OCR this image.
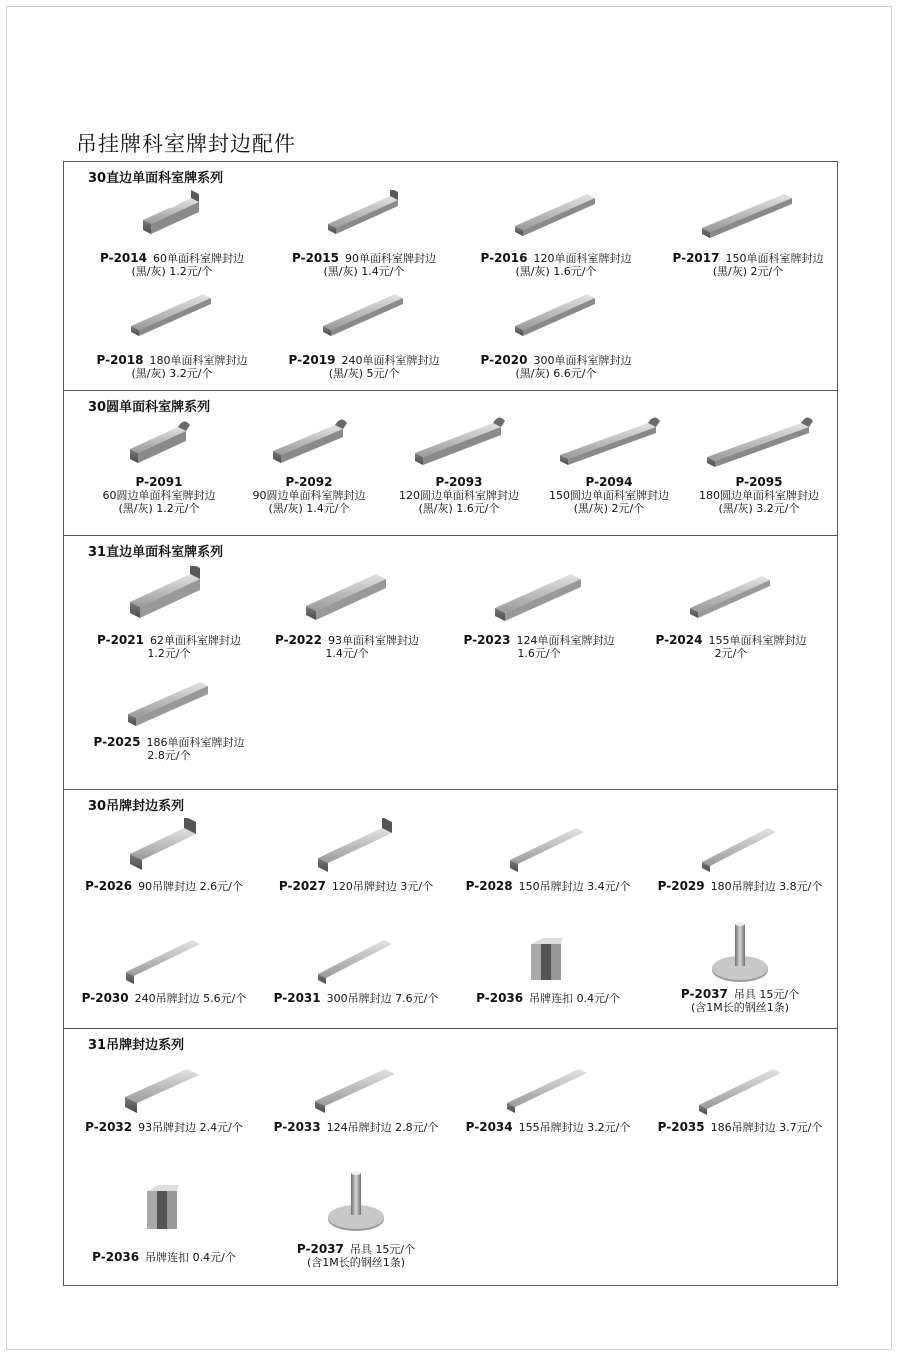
吊挂牌科室牌封边配件
30直边单面科室牌系列
P-2014 60单面科室牌封边
(黑/灰) 1.2元/个
P-2015 90单面科室牌封边
(黑/灰) 1.4元/个
P-2016 120单面科室牌封边
(黑/灰) 1.6元/个
P-2017 150单面科室牌封边
(黑/灰) 2元/个
P-2018 180单面科室牌封边
(黑/灰) 3.2元/个
P-2019 240单面科室牌封边
(黑/灰) 5元/个
P-2020 300单面科室牌封边
(黑/灰) 6.6元/个
30圆单面科室牌系列
P-2091
60圆边单面科室牌封边
(黑/灰) 1.2元/个
P-2092
90圆边单面科室牌封边
(黑/灰) 1.4元/个
P-2093
120圆边单面科室牌封边
(黑/灰) 1.6元/个
P-2094
150圆边单面科室牌封边
(黑/灰) 2元/个
P-2095
180圆边单面科室牌封边
(黑/灰) 3.2元/个
31直边单面科室牌系列
P-2021 62单面科室牌封边
1.2元/个
P-2022 93单面科室牌封边
1.4元/个
P-2023 124单面科室牌封边
1.6元/个
P-2024 155单面科室牌封边
2元/个
P-2025 186单面科室牌封边
2.8元/个
30吊牌封边系列
P-2026 90吊牌封边 2.6元/个	P-2027 120吊牌封边 3元/个	P-2028 150吊牌封边 3.4元/个	P-2029 180吊牌封边 3.8元/个
P-2030 240吊牌封边 5.6元/个	P-2031 300吊牌封边 7.6元/个	P-2036 吊牌连扣 0.4元/个	P-2037 吊具 15元/个
(含1M长的钢丝1条)
31吊牌封边系列
P-2032 93吊牌封边 2.4元/个	P-2033 124吊牌封边 2.8元/个	P-2034 155吊牌封边 3.2元/个	P-2035 186吊牌封边 3.7元/个
P-2036 吊牌连扣 0.4元/个
P-2037 吊具 15元/个
(含1M长的钢丝1条)
